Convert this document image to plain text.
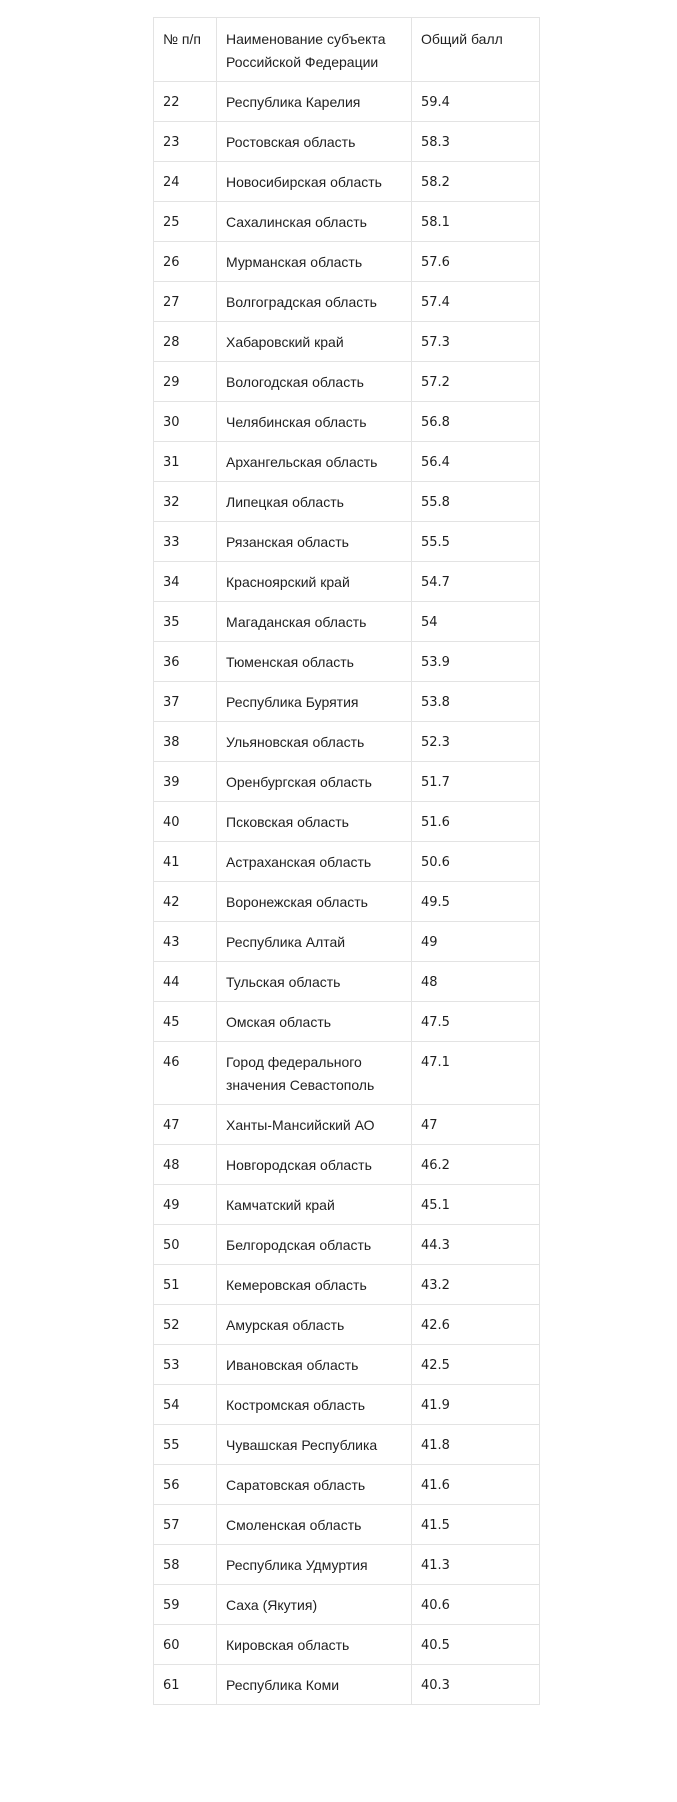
№ п/п	Наименование субъекта Российской Федерации	Общий балл
22	Республика Карелия	59.4
23	Ростовская область	58.3
24	Новосибирская область	58.2
25	Сахалинская область	58.1
26	Мурманская область	57.6
27	Волгоградская область	57.4
28	Хабаровский край	57.3
29	Вологодская область	57.2
30	Челябинская область	56.8
31	Архангельская область	56.4
32	Липецкая область	55.8
33	Рязанская область	55.5
34	Красноярский край	54.7
35	Магаданская область	54
36	Тюменская область	53.9
37	Республика Бурятия	53.8
38	Ульяновская область	52.3
39	Оренбургская область	51.7
40	Псковская область	51.6
41	Астраханская область	50.6
42	Воронежская область	49.5
43	Республика Алтай	49
44	Тульская область	48
45	Омская область	47.5
46	Город федерального значения Севастополь	47.1
47	Ханты-Мансийский АО	47
48	Новгородская область	46.2
49	Камчатский край	45.1
50	Белгородская область	44.3
51	Кемеровская область	43.2
52	Амурская область	42.6
53	Ивановская область	42.5
54	Костромская область	41.9
55	Чувашская Республика	41.8
56	Саратовская область	41.6
57	Смоленская область	41.5
58	Республика Удмуртия	41.3
59	Саха (Якутия)	40.6
60	Кировская область	40.5
61	Республика Коми	40.3
